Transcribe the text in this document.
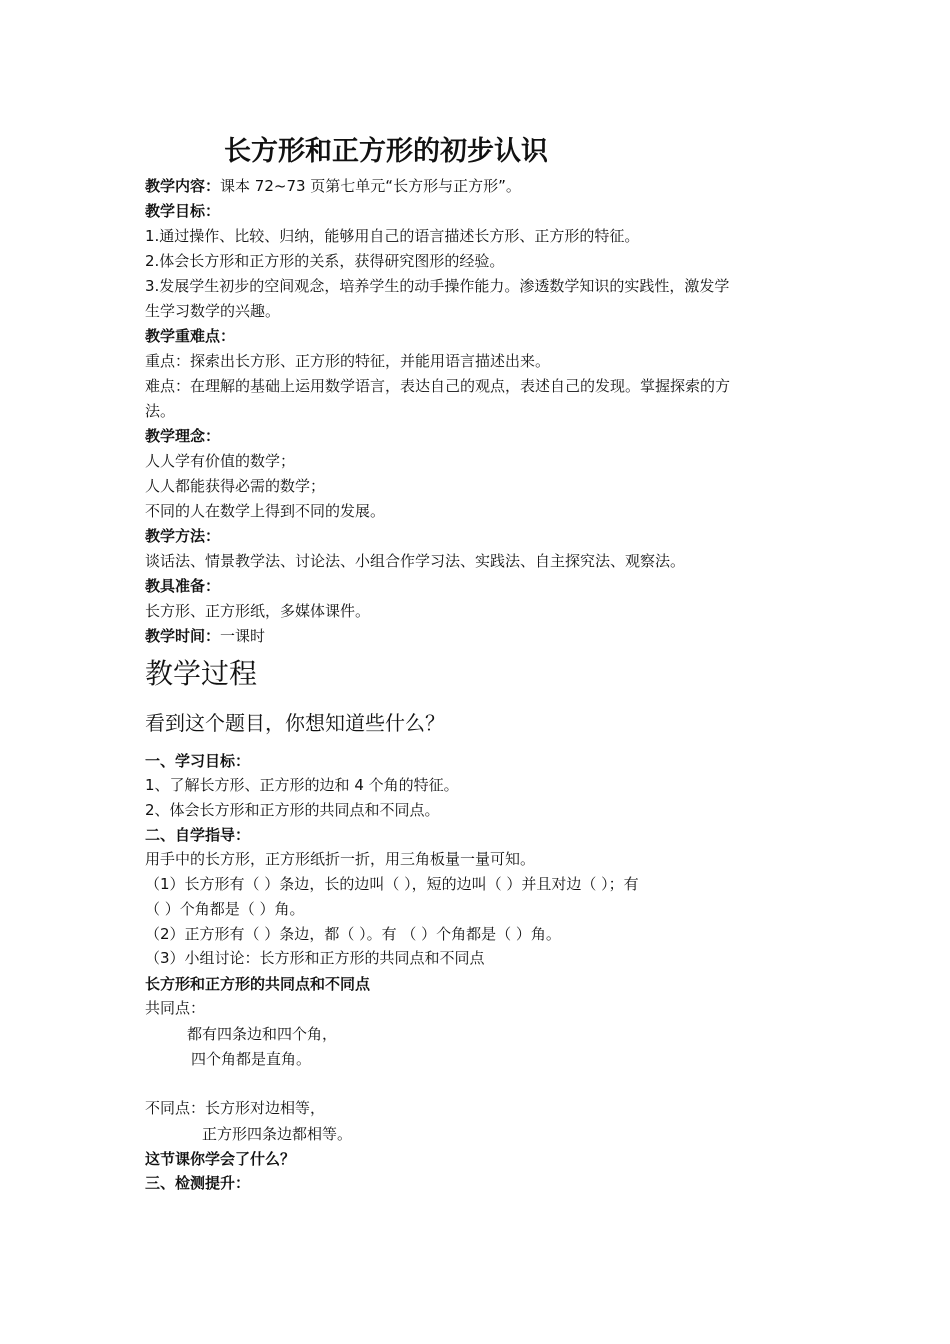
长方形和正方形的初步认识
教学内容：课本 72~73 页第七单元“长方形与正方形”。
教学目标：
1.通过操作、比较、归纳，能够用自己的语言描述长方形、正方形的特征。
2.体会长方形和正方形的关系，获得研究图形的经验。
3.发展学生初步的空间观念，培养学生的动手操作能力。渗透数学知识的实践性，激发学
生学习数学的兴趣。
教学重难点：
重点：探索出长方形、正方形的特征，并能用语言描述出来。
难点：在理解的基础上运用数学语言，表达自己的观点，表述自己的发现。掌握探索的方
法。
教学理念：
人人学有价值的数学；
人人都能获得必需的数学；
不同的人在数学上得到不同的发展。
教学方法：
谈话法、情景教学法、讨论法、小组合作学习法、实践法、自主探究法、观察法。
教具准备：
长方形、正方形纸，多媒体课件。
教学时间：一课时
教学过程
看到这个题目，你想知道些什么？
一、学习目标：
1、了解长方形、正方形的边和 4 个角的特征。
2、体会长方形和正方形的共同点和不同点。
二、自学指导：
用手中的长方形，正方形纸折一折，用三角板量一量可知。
（1）长方形有（ ）条边，长的边叫（ ），短的边叫（ ）并且对边（ ）；有
（ ）个角都是（ ）角。
（2）正方形有（ ）条边，都（ ）。有 （ ）个角都是（ ）角。
（3）小组讨论：长方形和正方形的共同点和不同点
长方形和正方形的共同点和不同点
共同点：
都有四条边和四个角，
四个角都是直角。
不同点：长方形对边相等，
正方形四条边都相等。
这节课你学会了什么？
三、检测提升：
